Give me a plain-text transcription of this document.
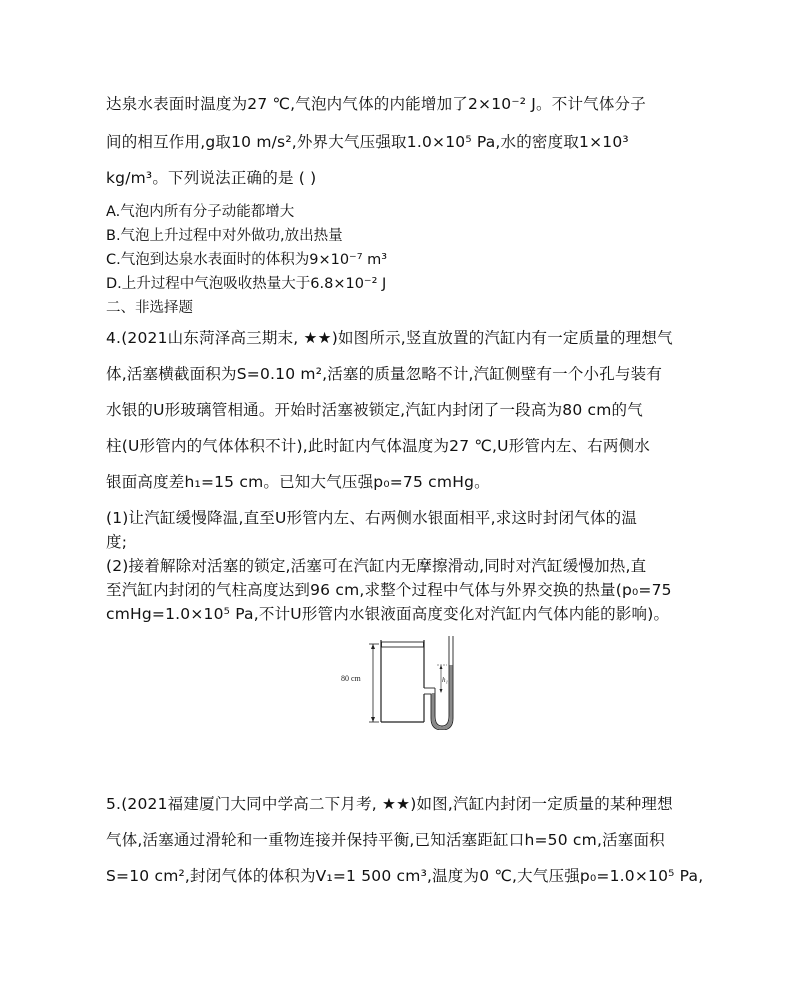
达泉水表面时温度为27 ℃,气泡内气体的内能增加了2×10⁻² J。不计气体分子
间的相互作用,g取10 m/s²,外界大气压强取1.0×10⁵ Pa,水的密度取1×10³
kg/m³。下列说法正确的是 ( )
A.气泡内所有分子动能都增大
B.气泡上升过程中对外做功,放出热量
C.气泡到达泉水表面时的体积为9×10⁻⁷ m³
D.上升过程中气泡吸收热量大于6.8×10⁻² J
二、非选择题
4.(2021山东菏泽高三期末, ★★)如图所示,竖直放置的汽缸内有一定质量的理想气
体,活塞横截面积为S=0.10 m²,活塞的质量忽略不计,汽缸侧壁有一个小孔与装有
水银的U形玻璃管相通。开始时活塞被锁定,汽缸内封闭了一段高为80 cm的气
柱(U形管内的气体体积不计),此时缸内气体温度为27 ℃,U形管内左、右两侧水
银面高度差h₁=15 cm。已知大气压强p₀=75 cmHg。
(1)让汽缸缓慢降温,直至U形管内左、右两侧水银面相平,求这时封闭气体的温
度;
(2)接着解除对活塞的锁定,活塞可在汽缸内无摩擦滑动,同时对汽缸缓慢加热,直
至汽缸内封闭的气柱高度达到96 cm,求整个过程中气体与外界交换的热量(p₀=75
cmHg=1.0×10⁵ Pa,不计U形管内水银液面高度变化对汽缸内气体内能的影响)。
80 cm	h₁
5.(2021福建厦门大同中学高二下月考, ★★)如图,汽缸内封闭一定质量的某种理想
气体,活塞通过滑轮和一重物连接并保持平衡,已知活塞距缸口h=50 cm,活塞面积
S=10 cm²,封闭气体的体积为V₁=1 500 cm³,温度为0 ℃,大气压强p₀=1.0×10⁵ Pa,
